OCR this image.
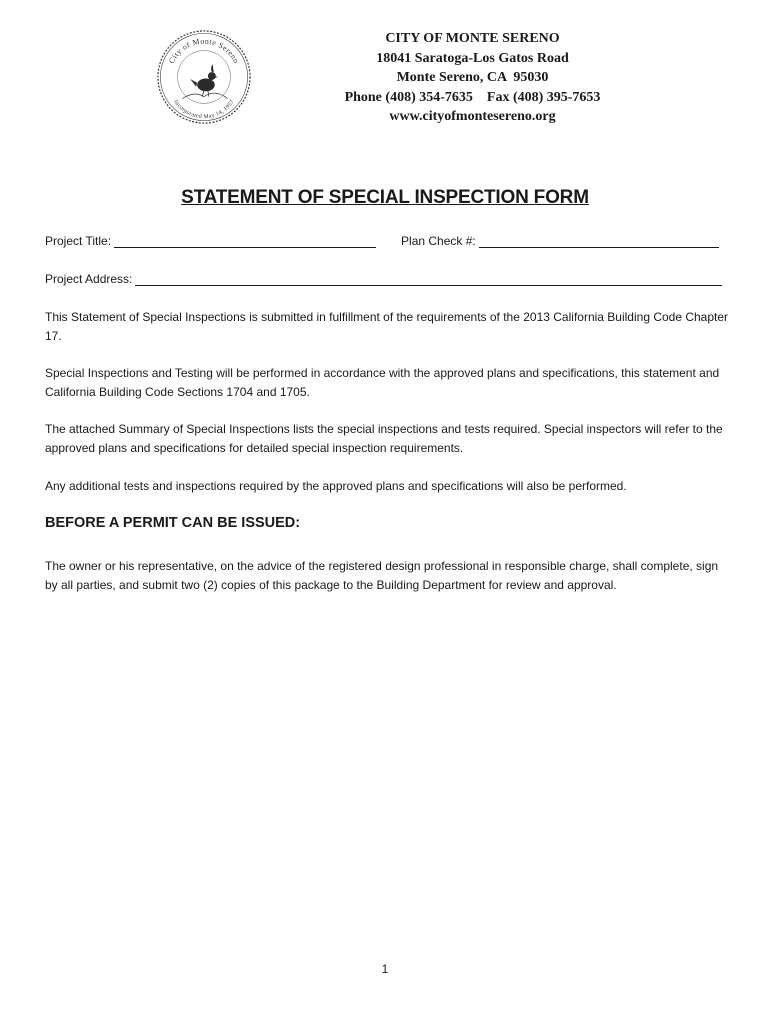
City of Monte Sereno
Incorporated May 14, 1957
CITY OF MONTE SERENO
18041 Saratoga-Los Gatos Road
Monte Sereno, CA  95030
Phone (408) 354-7635    Fax (408) 395-7653
www.cityofmontesereno.org
STATEMENT OF SPECIAL INSPECTION FORM
Project Title:	Plan Check #:
Project Address:

This Statement of Special Inspections is submitted in fulfillment of the requirements of the 2013 California Building Code Chapter 17.

Special Inspections and Testing will be performed in accordance with the approved plans and specifications, this statement and California Building Code Sections 1704 and 1705.

The attached Summary of Special Inspections lists the special inspections and tests required. Special inspectors will refer to the approved plans and specifications for detailed special inspection requirements.

Any additional tests and inspections required by the approved plans and specifications will also be performed.

BEFORE A PERMIT CAN BE ISSUED:

The owner or his representative, on the advice of the registered design professional in responsible charge, shall complete, sign by all parties, and submit two (2) copies of this package to the Building Department for review and approval.

1
